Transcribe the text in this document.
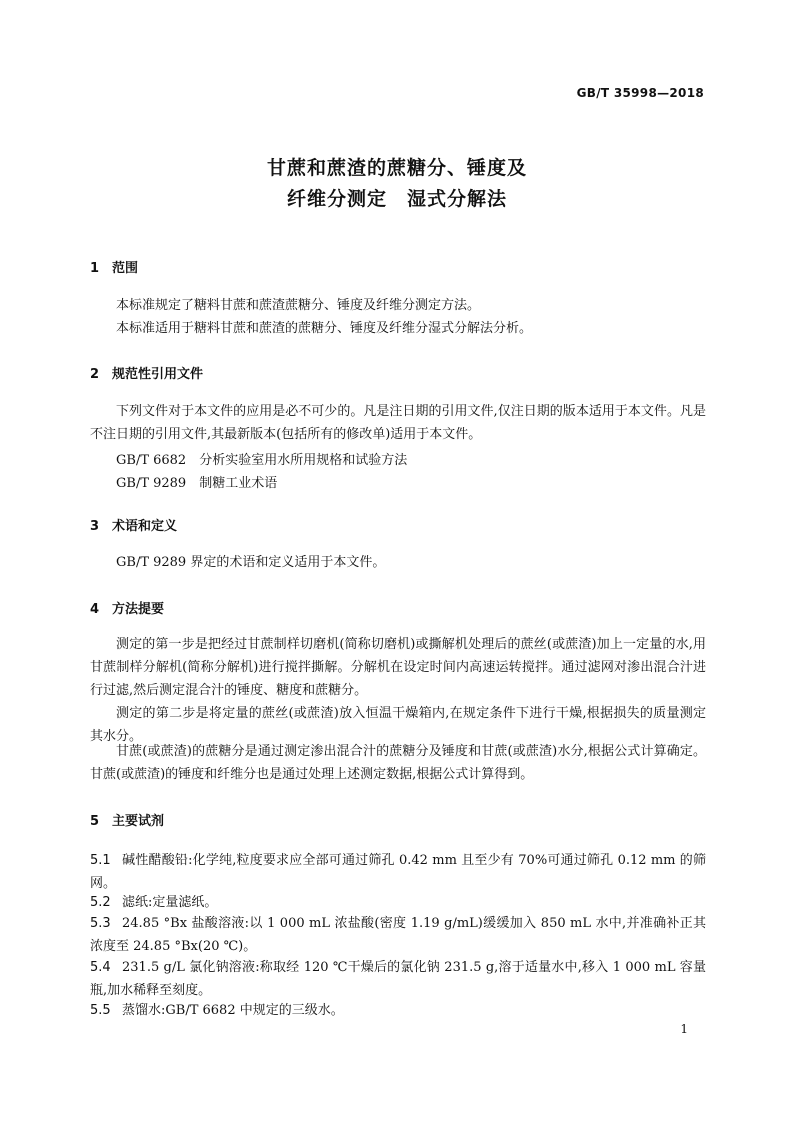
GB/T 35998—2018
甘蔗和蔗渣的蔗糖分、锤度及
纤维分测定　湿式分解法
1 范围
本标准规定了糖料甘蔗和蔗渣蔗糖分、锤度及纤维分测定方法。
本标准适用于糖料甘蔗和蔗渣的蔗糖分、锤度及纤维分湿式分解法分析。
2 规范性引用文件
下列文件对于本文件的应用是必不可少的。凡是注日期的引用文件,仅注日期的版本适用于本文件。凡是不注日期的引用文件,其最新版本(包括所有的修改单)适用于本文件。
GB/T 6682　分析实验室用水所用规格和试验方法
GB/T 9289　制糖工业术语
3 术语和定义
GB/T 9289 界定的术语和定义适用于本文件。
4 方法提要
测定的第一步是把经过甘蔗制样切磨机(简称切磨机)或撕解机处理后的蔗丝(或蔗渣)加上一定量的水,用甘蔗制样分解机(简称分解机)进行搅拌撕解。分解机在设定时间内高速运转搅拌。通过滤网对渗出混合汁进行过滤,然后测定混合汁的锤度、糖度和蔗糖分。
测定的第二步是将定量的蔗丝(或蔗渣)放入恒温干燥箱内,在规定条件下进行干燥,根据损失的质量测定其水分。
甘蔗(或蔗渣)的蔗糖分是通过测定渗出混合汁的蔗糖分及锤度和甘蔗(或蔗渣)水分,根据公式计算确定。甘蔗(或蔗渣)的锤度和纤维分也是通过处理上述测定数据,根据公式计算得到。
5 主要试剂
5.1 碱性醋酸铅:化学纯,粒度要求应全部可通过筛孔 0.42 mm 且至少有 70%可通过筛孔 0.12 mm 的筛网。
5.2 滤纸:定量滤纸。
5.3 24.85 °Bx 盐酸溶液:以 1 000 mL 浓盐酸(密度 1.19 g/mL)缓缓加入 850 mL 水中,并准确补正其浓度至 24.85 °Bx(20 ℃)。
5.4 231.5 g/L 氯化钠溶液:称取经 120 ℃干燥后的氯化钠 231.5 g,溶于适量水中,移入 1 000 mL 容量瓶,加水稀释至刻度。
5.5 蒸馏水:GB/T 6682 中规定的三级水。
1
